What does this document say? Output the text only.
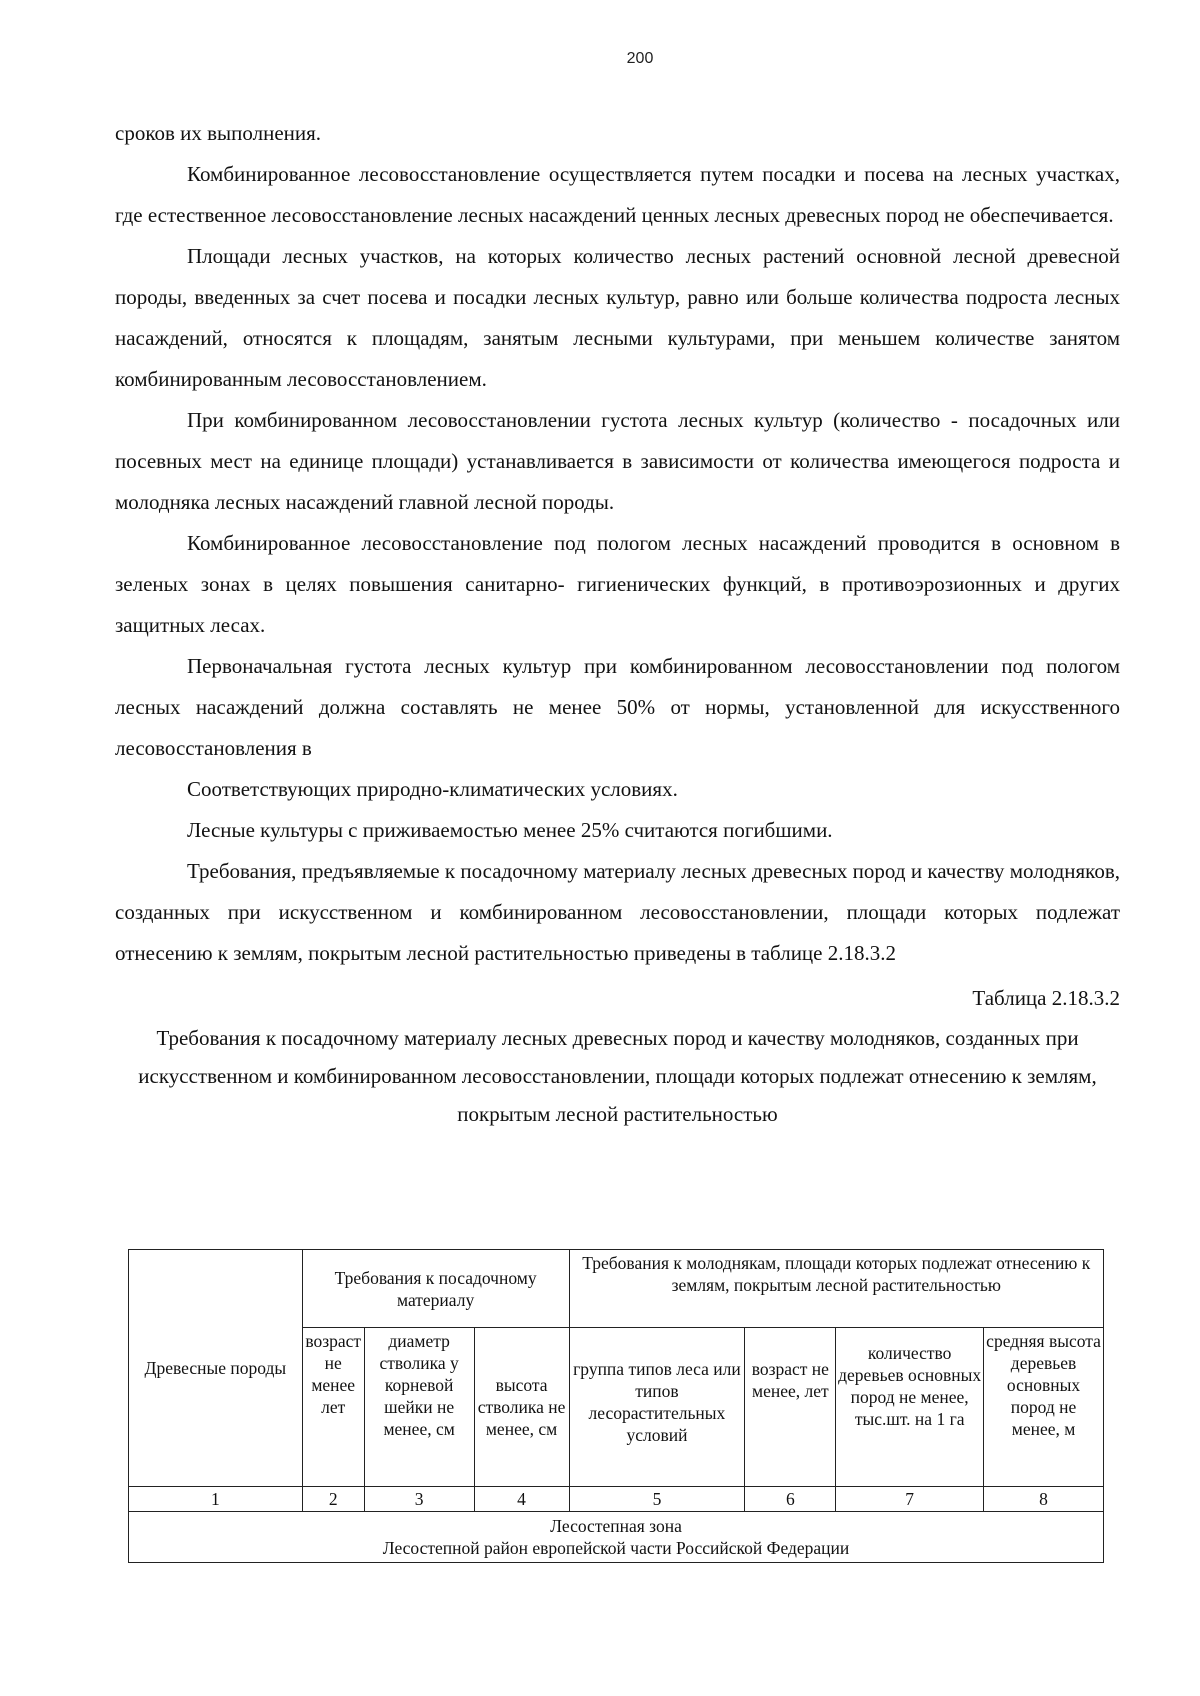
200

сроков их выполнения.

Комбинированное лесовосстановление осуществляется путем посадки и посева на лесных участках, где естественное лесовосстановление лесных насаждений ценных лесных древесных пород не обеспечивается.

Площади лесных участков, на которых количество лесных растений основной лесной древесной породы, введенных за счет посева и посадки лесных культур, равно или больше количества подроста лесных насаждений, относятся к площадям, занятым лесными культурами, при меньшем количестве занятом комбинированным лесовосстановлением.

При комбинированном лесовосстановлении густота лесных культур (количество - посадочных или посевных мест на единице площади) устанавливается в зависимости от количества имеющегося подроста и молодняка лесных насаждений главной лесной породы.

Комбинированное лесовосстановление под пологом лесных насаждений проводится в основном в зеленых зонах в целях повышения санитарно- гигиенических функций, в противоэрозионных и других защитных лесах.

Первоначальная густота лесных культур при комбинированном лесовосстановлении под пологом лесных насаждений должна составлять не менее 50% от нормы, установленной для искусственного лесовосстановления в

Соответствующих природно-климатических условиях.

Лесные культуры с приживаемостью менее 25% считаются погибшими.

Требования, предъявляемые к посадочному материалу лесных древесных пород и качеству молодняков, созданных при искусственном и комбинированном лесовосстановлении, площади которых подлежат отнесению к землям, покрытым лесной растительностью приведены в таблице 2.18.3.2

Таблица 2.18.3.2

Требования к посадочному материалу лесных древесных пород и качеству молодняков, созданных при искусственном и комбинированном лесовосстановлении, площади которых подлежат отнесению к землям, покрытым лесной растительностью

Древесные породы	Требования к посадочному материалу			Требования к молоднякам, площади которых подлежат отнесению к землям, покрытым лесной растительностью			
	возраст не менее лет	диаметр стволика у корневой шейки не менее, см	высота стволика не менее, см	группа типов леса или типов лесорастительных условий	возраст не менее, лет	количество деревьев основных пород не менее, тыс.шт. на 1 га	средняя высота деревьев основных пород не менее, м
1	2	3	4	5	6	7	8

Лесостепная зона
Лесостепной район европейской части Российской Федерации							
